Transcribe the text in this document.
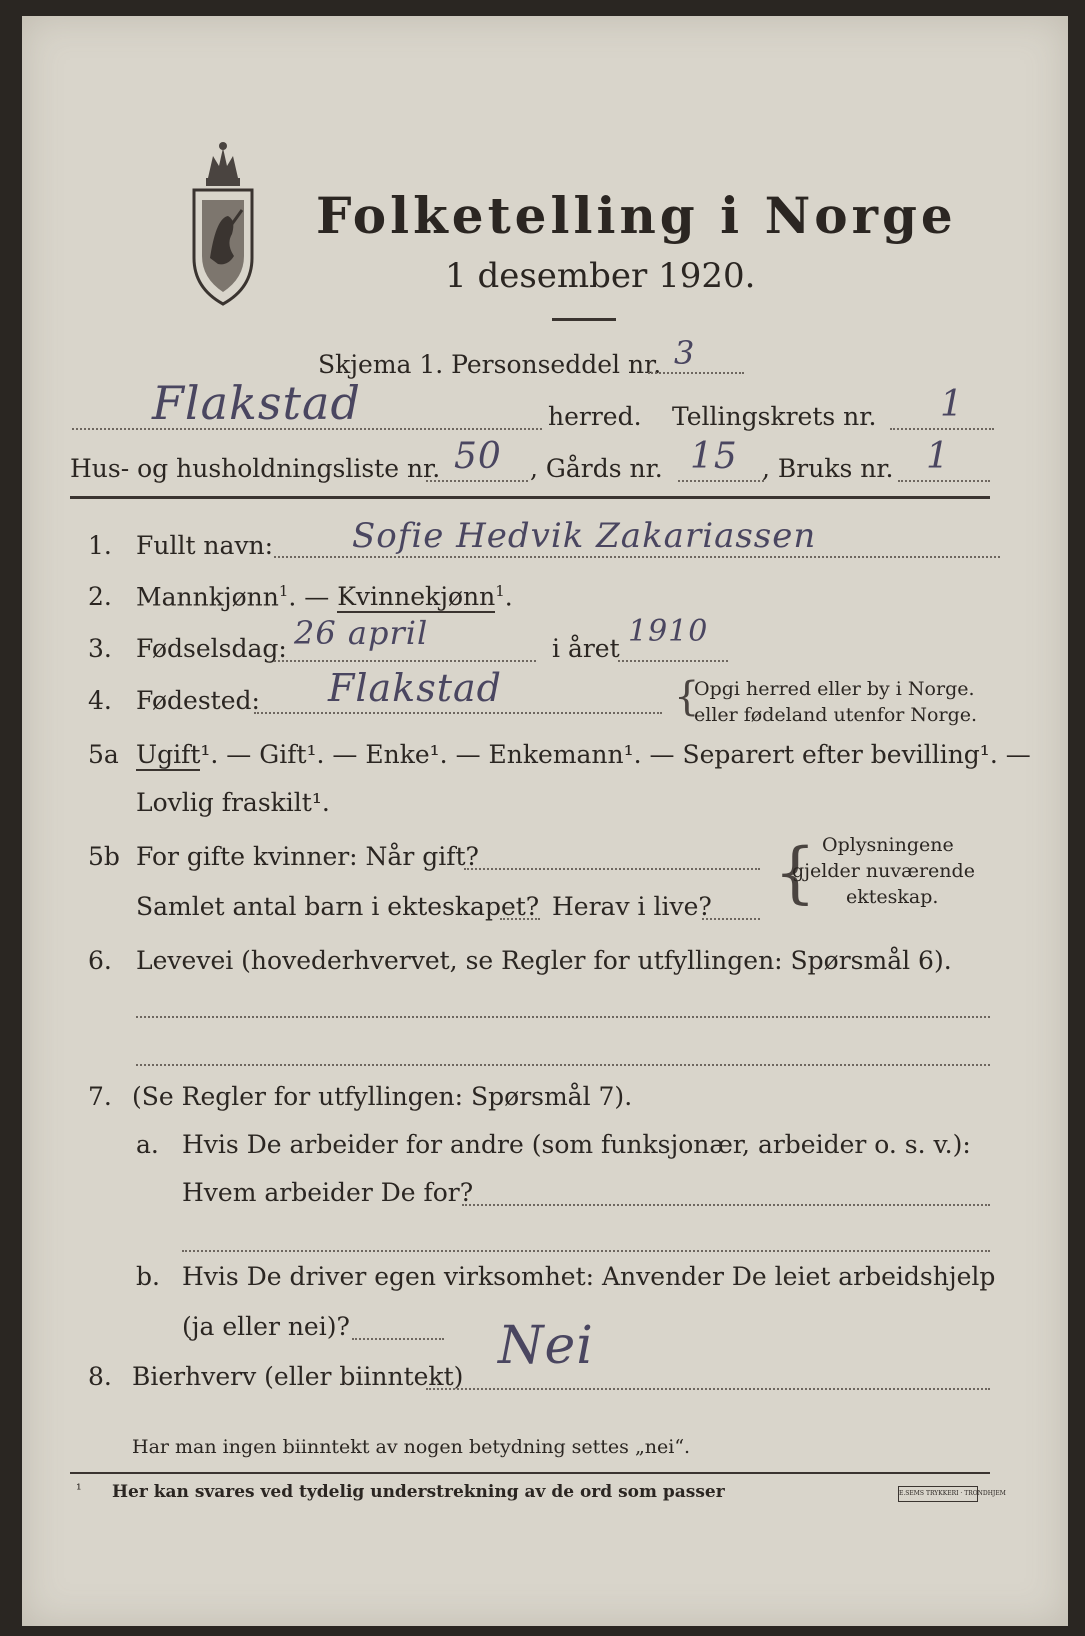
Folketelling i Norge
1 desember 1920.
Skjema 1. Personseddel nr. 3
Flakstad	herred. Tellingskrets nr. 1
Hus- og husholdningsliste nr. 50 , Gårds nr. 15 , Bruks nr. 1
1. Fullt navn: Sofie Hedvik Zakariassen
2. Mannkjønn$^1$. — Kvinnekjønn$^1$.
3. Fødselsdag: 26 april	i året 1910
4. Fødested: Flakstad	{
Opgi herred eller by i Norge.
eller fødeland utenfor Norge.
5a Ugift¹. — Gift¹. — Enke¹. — Enkemann¹. — Separert efter bevilling¹. —
Lovlig fraskilt¹.
5b For gifte kvinner: Når gift?
Samlet antal barn i ekteskapet? Herav i live? { Oplysningene
gjelder nuværende
ekteskap.
6. Levevei (hovederhvervet, se Regler for utfyllingen: Spørsmål 6).
7. (Se Regler for utfyllingen: Spørsmål 7).
a. Hvis De arbeider for andre (som funksjonær, arbeider o. s. v.):
Hvem arbeider De for?
b. Hvis De driver egen virksomhet: Anvender De leiet arbeidshjelp
(ja eller nei)?
8. Bierhverv (eller biinntekt)
Nei
Har man ingen biinntekt av nogen betydning settes „nei“.
¹ Her kan svares ved tydelig understrekning av de ord som passer	E.SEMS TRYKKERI · TRONDHJEM
